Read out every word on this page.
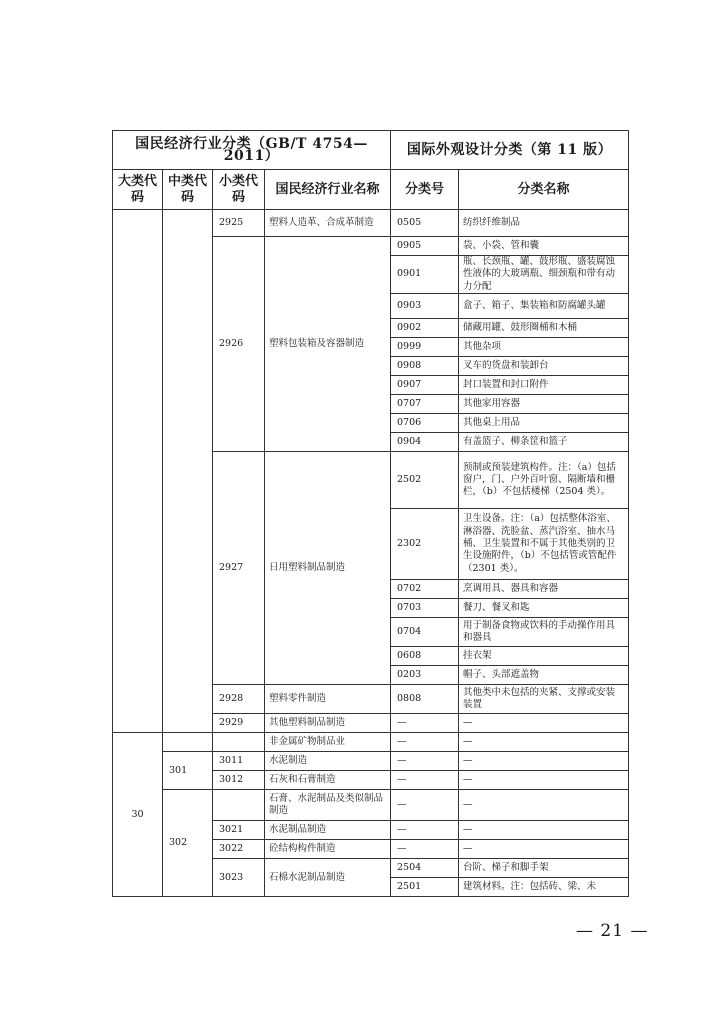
国民经济行业分类（GB/T 4754—2011）				国际外观设计分类（第 11 版）	
大类代码	中类代码	小类代码	国民经济行业名称	分类号	分类名称
		2925	塑料人造革、合成革制造	0505	纺织纤维制品
		2926	塑料包装箱及容器制造	0905	袋、小袋、管和囊
				0901	瓶、长颈瓶、罐、鼓形瓶、盛装腐蚀性液体的大玻璃瓶、细颈瓶和带有动力分配
				0903	盒子、箱子、集装箱和防腐罐头罐
				0902	储藏用罐、鼓形圈桶和木桶
				0999	其他杂项
				0908	叉车的货盘和装卸台
				0907	封口装置和封口附件
				0707	其他家用容器
				0706	其他桌上用品
				0904	有盖篮子、柳条筐和篮子
		2927	日用塑料制品制造	2502	预制或预装建筑构件。注：（a）包括窗户，门、户外百叶窗、隔断墙和栅栏，（b）不包括楼梯（2504 类）。
				2302	卫生设备。注：（a）包括整体浴室、淋浴器、洗脸盆、蒸汽浴室、抽水马桶、卫生装置和不属于其他类别的卫生设施附件，（b）不包括管或管配件（2301 类）。
				0702	烹调用具、器具和容器
				0703	餐刀、餐叉和匙
				0704	用于制备食物或饮料的手动操作用具和器具
				0608	挂衣架
				0203	帽子、头部遮盖物
		2928	塑料零件制造	0808	其他类中未包括的夹紧、支撑或安装装置
		2929	其他塑料制品制造	—	—
30			非金属矿物制品业	—	—
	301	3011	水泥制造	—	—
		3012	石灰和石膏制造	—	—
	302		石膏、水泥制品及类似制品制造	—	—
		3021	水泥制品制造	—	—
		3022	砼结构构件制造	—	—
		3023	石棉水泥制品制造	2504	台阶、梯子和脚手架
				2501	建筑材料。注：包括砖、梁、未
— 21 —
